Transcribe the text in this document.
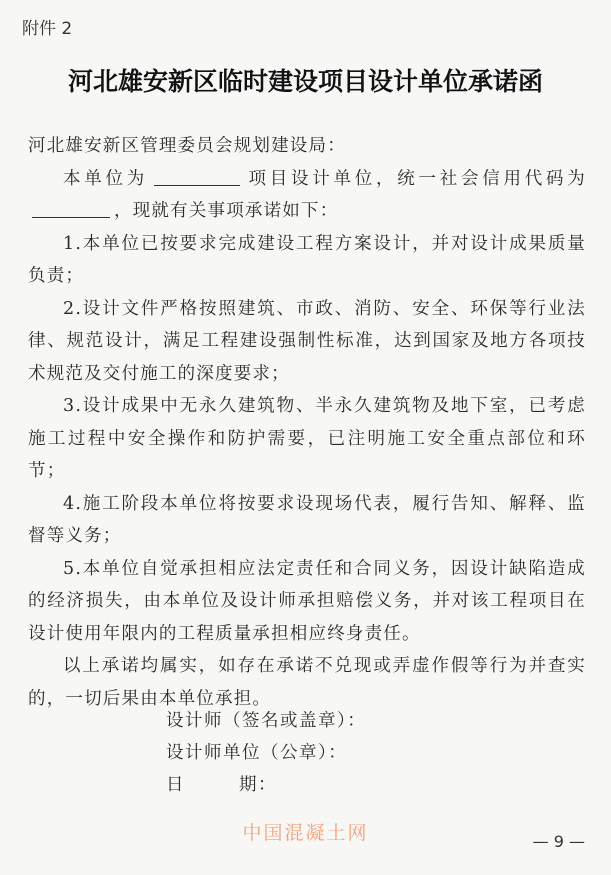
附件 2
河北雄安新区临时建设项目设计单位承诺函

河北雄安新区管理委员会规划建设局：

本单位为	项目设计单位，统一社会信用代码为，现就有关事项承诺如下：

1.本单位已按要求完成建设工程方案设计，并对设计成果质量负责；

2.设计文件严格按照建筑、市政、消防、安全、环保等行业法律、规范设计，满足工程建设强制性标准，达到国家及地方各项技术规范及交付施工的深度要求；

3.设计成果中无永久建筑物、半永久建筑物及地下室，已考虑施工过程中安全操作和防护需要，已注明施工安全重点部位和环节；

4.施工阶段本单位将按要求设现场代表，履行告知、解释、监督等义务；

5.本单位自觉承担相应法定责任和合同义务，因设计缺陷造成的经济损失，由本单位及设计师承担赔偿义务，并对该工程项目在设计使用年限内的工程质量承担相应终身责任。

以上承诺均属实，如存在承诺不兑现或弄虚作假等行为并查实的，一切后果由本单位承担。

设计师（签名或盖章）：
设计师单位（公章）：
日	期：
中国混凝土网	— 9 —
